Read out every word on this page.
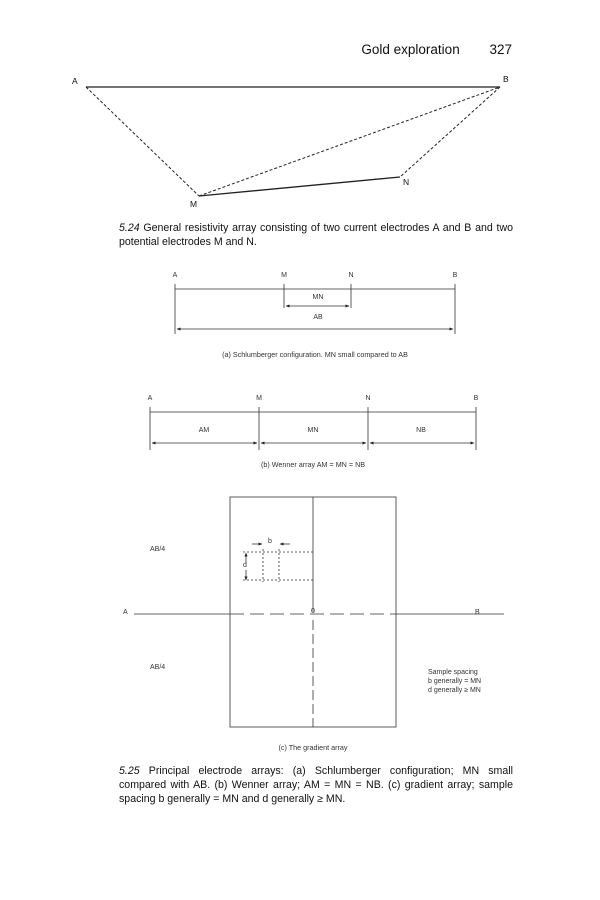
Gold exploration 327
A	B
M
N
5.24 General resistivity array consisting of two current electrodes A and B and two potential electrodes M and N.
A	M	N	B
MN
AB
(a) Schlumberger configuration. MN small compared to AB
A	M	N	B
AM	MN	NB
(b) Wenner array AM = MN = NB
AB/4
AB/4
A	B
0
b
d
Sample spacing
b generally = MN
d generally ≥ MN
(c) The gradient array
5.25 Principal electrode arrays: (a) Schlumberger configuration; MN small compared with AB. (b) Wenner array; AM = MN = NB. (c) gradient array; sample spacing b generally = MN and d generally ≥ MN.
